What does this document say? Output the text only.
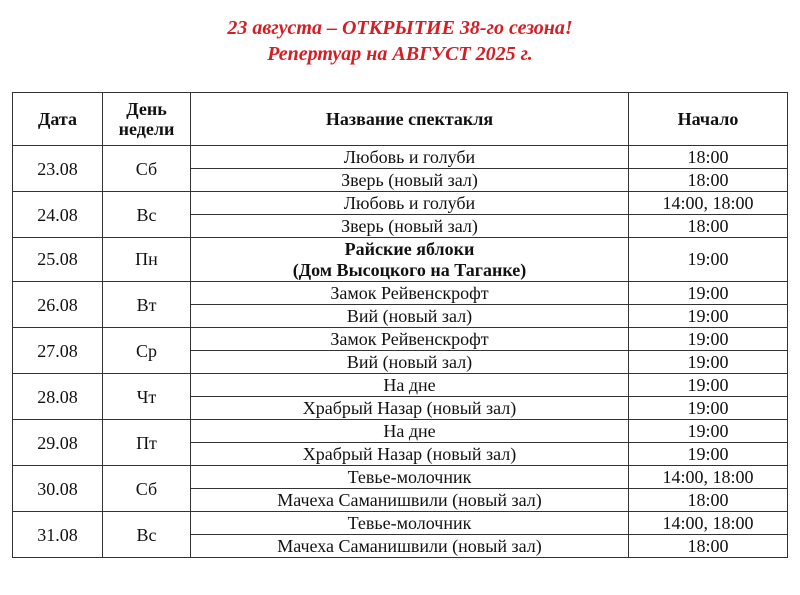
23 августа – ОТКРЫТИЕ 38-го сезона!
Репертуар на АВГУСТ 2025 г.
Дата	День
недели	Название спектакля	Начало
23.08	Сб	Любовь и голуби	18:00
		Зверь (новый зал)	18:00
24.08	Вс	Любовь и голуби	14:00, 18:00
		Зверь (новый зал)	18:00
25.08	Пн	Райские яблоки
(Дом Высоцкого на Таганке)	19:00
26.08	Вт	Замок Рейвенскрофт	19:00
		Вий (новый зал)	19:00
27.08	Ср	Замок Рейвенскрофт	19:00
		Вий (новый зал)	19:00
28.08	Чт	На дне	19:00
		Храбрый Назар (новый зал)	19:00
29.08	Пт	На дне	19:00
		Храбрый Назар (новый зал)	19:00
30.08	Сб	Тевье-молочник	14:00, 18:00
		Мачеха Саманишвили (новый зал)	18:00
31.08	Вс	Тевье-молочник	14:00, 18:00
		Мачеха Саманишвили (новый зал)	18:00
